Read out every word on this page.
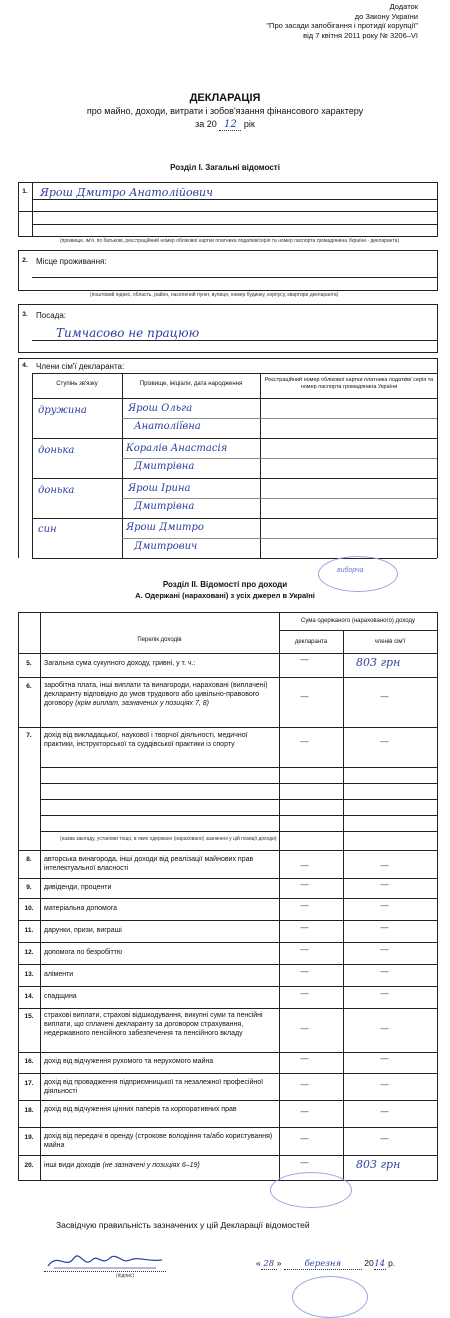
Додаток
до Закону України
"Про засади запобігання і протидії корупції"
від 7 квітня 2011 року № 3206–VI
ДЕКЛАРАЦІЯ
про майно, доходи, витрати і зобов'язання фінансового характеру
за 20 12 рік
Розділ І. Загальні відомості
1.	Ярош Дмитро Анатолійович
(прізвище, ім'я, по батькові, реєстраційний номер облікової картки платника податків/серія та номер паспорта громадянина України - декларанта)
2.	Місце проживання:
(поштовий індекс, область, район, населений пункт, вулиця, номер будинку, корпусу, квартири декларанта)
3.	Посада:
Тимчасово не працюю
4.	Члени сім'ї декларанта:
Ступінь зв'язку	Прізвище, ініціали, дата народження
Реєстраційний номер облікової картки платника податків/ серія та номер паспорта громадянина України
дружина	Ярош Ольга
Анатоліївна
донька	Коралів Анастасія
Дмитрівна
донька	Ярош Ірина
Дмитрівна
син	Ярош Дмитро
Дмитрович
виборча
Розділ ІІ. Відомості про доходи
А. Одержані (нараховані) з усіх джерел в Україні
Перелік доходів
Сума одержаного (нарахованого) доходу
декларанта	членів сім'ї
5.	Загальна сума сукупного доходу, гривні, у т. ч.:	—	803 грн
6.	заробітна плата, інші виплати та винагороди, нараховані (виплачені) декларанту відповідно до умов трудового або цивільно-правового договору (крім виплат, зазначених у позиціях 7, 8)
—	—
7.	дохід від викладацької, наукової і творчої діяльності, медичної практики, інструкторської та суддівської практики із спорту	—	—
(назва закладу, установи тощо, в яких одержано (нараховано) зазначені у цій позиції доходи)
8.	авторська винагорода, інші доходи від реалізації майнових прав інтелектуальної власності	—	—
9.	дивіденди, проценти	—	—
10.	матеріальна допомога	—	—
11.	дарунки, призи, виграші	—	—
12.	допомога по безробіттю	—	—
13.	аліменти	—	—
14.	спадщина	—	—
15.	страхові виплати, страхові відшкодування, викупні суми та пенсійні виплати, що сплачені декларанту за договором страхування, недержавного пенсійного забезпечення та пенсійного вкладу	—	—
16.	дохід від відчуження рухомого та нерухомого майна	—	—
17.	дохід від провадження підприємницької та незалежної професійної діяльності
—	—
18.	дохід від відчуження цінних паперів та корпоративних прав	—	—
19.	дохід від передачі в оренду (строкове володіння та/або користування) майна
—	—
20.	інші види доходів (не зазначені у позиціях 6–19)	—	803 грн
Засвідчую правильність зазначених у цій Декларації відомостей
(підпис)
« 28 »	березня	2014 р.
